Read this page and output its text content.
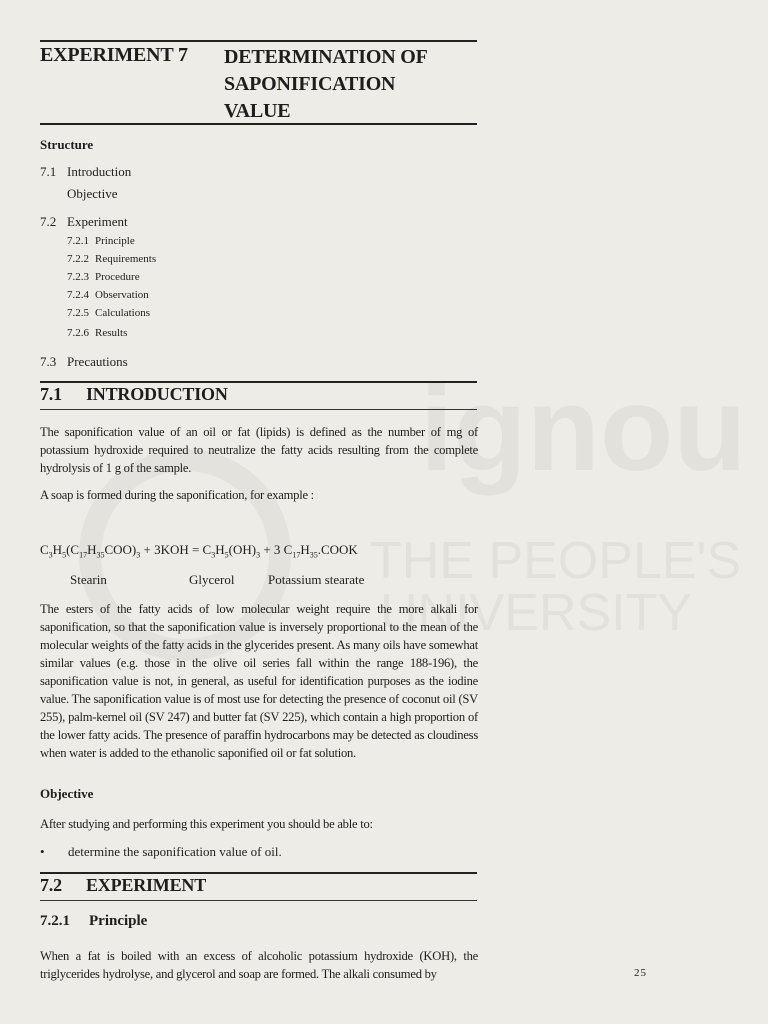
ignou
THE PEOPLE'S
UNIVERSITY
EXPERIMENT 7 DETERMINATION OF
SAPONIFICATION
VALUE
Structure
7.1 Introduction
Objective
7.2 Experiment
7.2.1 Principle
7.2.2 Requirements
7.2.3 Procedure
7.2.4 Observation
7.2.5 Calculations
7.2.6 Results
7.3 Precautions
7.1 INTRODUCTION

The saponification value of an oil or fat (lipids) is defined as the number of mg of potassium hydroxide required to neutralize the fatty acids resulting from the complete hydrolysis of 1 g of the sample.

A soap is formed during the saponification, for example :

$C_3H_5(C_{17}H_{35}COO)_3 + 3KOH = C_3H_5(OH)_3 + 3$ $C_{17}H_{35}.COOK$
Stearin	Glycerol	Potassium stearate

The esters of the fatty acids of low molecular weight require the more alkali for saponification, so that the saponification value is inversely proportional to the mean of the molecular weights of the fatty acids in the glycerides present. As many oils have somewhat similar values (e.g. those in the olive oil series fall within the range 188-196), the saponification value is not, in general, as useful for identification purposes as the iodine value. The saponification value is of most use for detecting the presence of coconut oil (SV 255), palm-kernel oil (SV 247) and butter fat (SV 225), which contain a high proportion of the lower fatty acids. The presence of paraffin hydrocarbons may be detected as cloudiness when water is added to the ethanolic saponified oil or fat solution.

Objective

After studying and performing this experiment you should be able to:

• determine the saponification value of oil.
7.2 EXPERIMENT
7.2.1 Principle

When a fat is boiled with an excess of alcoholic potassium hydroxide (KOH), the triglycerides hydrolyse, and glycerol and soap are formed. The alkali consumed by	25
